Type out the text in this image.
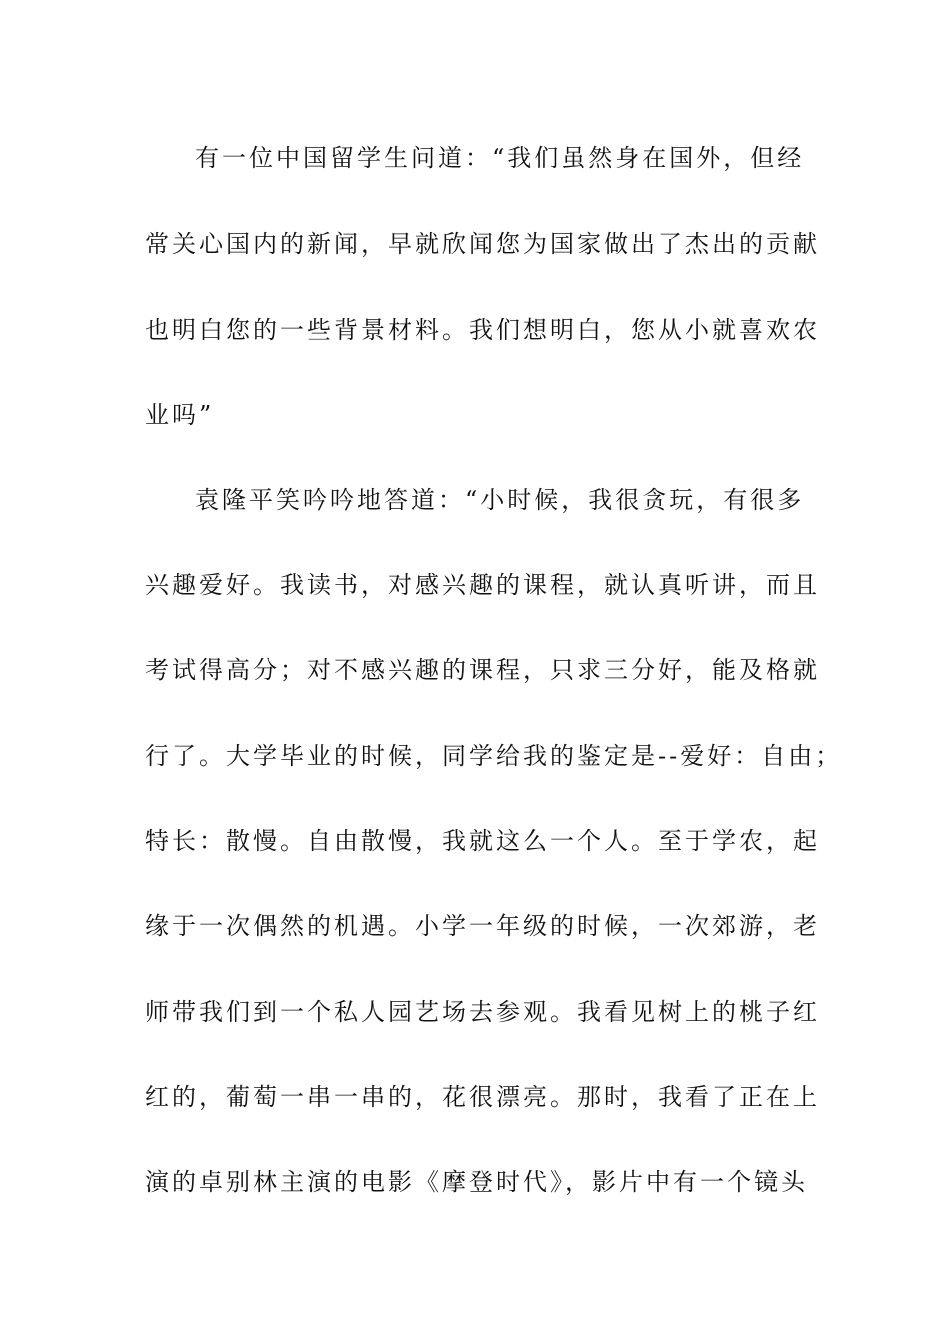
有一位中国留学生问道：“我们虽然身在国外，但经
常关心国内的新闻，早就欣闻您为国家做出了杰出的贡献
也明白您的一些背景材料。我们想明白，您从小就喜欢农
业吗”
袁隆平笑吟吟地答道：“小时候，我很贪玩，有很多
兴趣爱好。我读书，对感兴趣的课程，就认真听讲，而且
考试得高分；对不感兴趣的课程，只求三分好，能及格就
行了。大学毕业的时候，同学给我的鉴定是--爱好：自由；
特长：散慢。自由散慢，我就这么一个人。至于学农，起
缘于一次偶然的机遇。小学一年级的时候，一次郊游，老
师带我们到一个私人园艺场去参观。我看见树上的桃子红
红的，葡萄一串一串的，花很漂亮。那时，我看了正在上
演的卓别林主演的电影《摩登时代》，影片中有一个镜头
